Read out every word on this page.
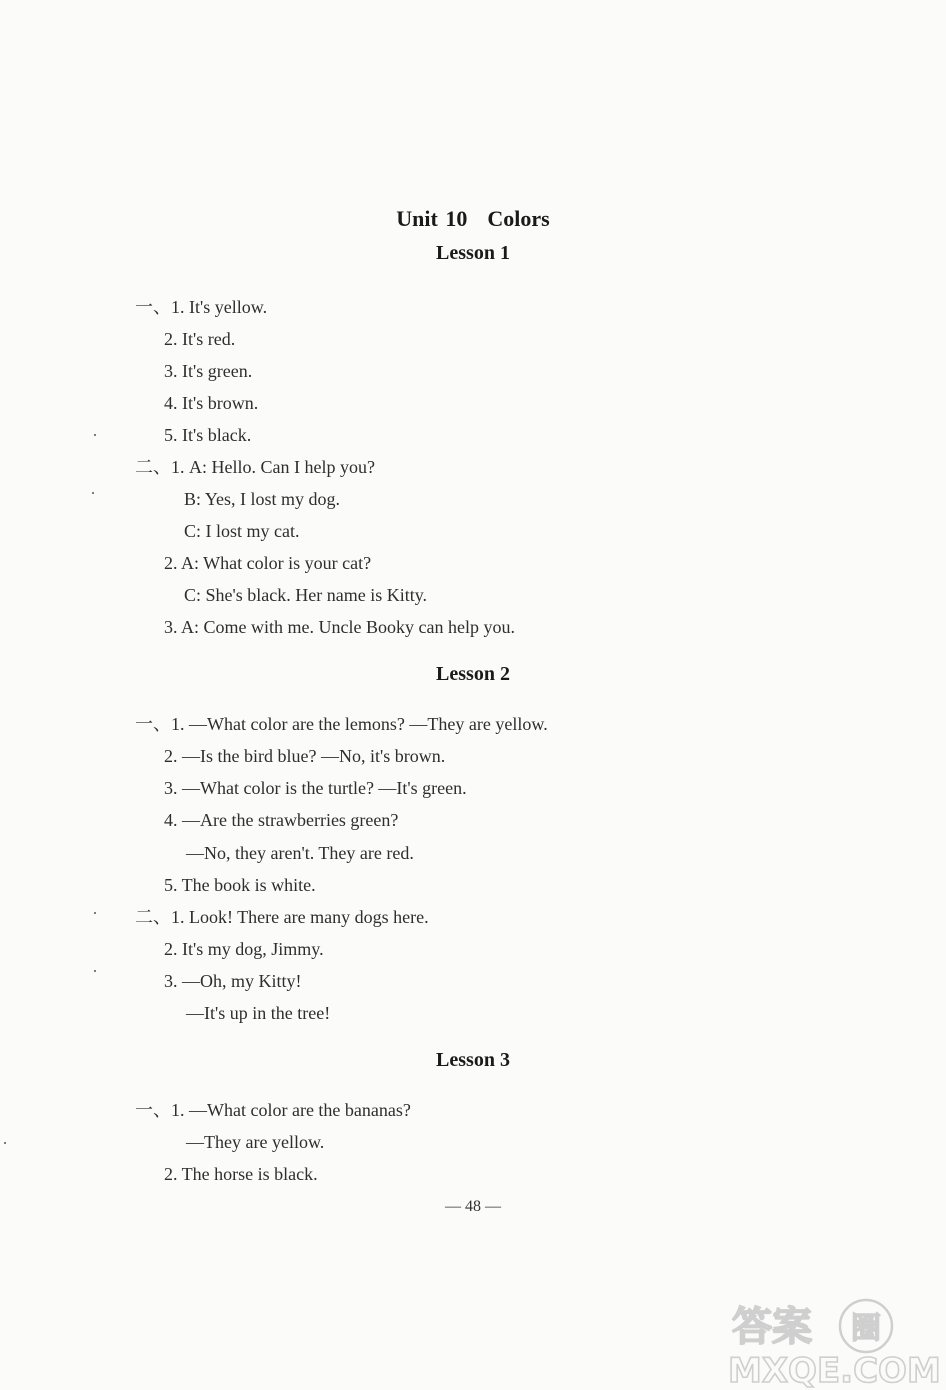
Unit 10 Colors
Lesson 1
一、1. It's yellow.
2. It's red.
3. It's green.
4. It's brown.
5. It's black.
二、1. A: Hello. Can I help you?
B: Yes, I lost my dog.
C: I lost my cat.
2. A: What color is your cat?
C: She's black. Her name is Kitty.
3. A: Come with me. Uncle Booky can help you.
Lesson 2
一、1. —What color are the lemons? —They are yellow.
2. —Is the bird blue? —No, it's brown.
3. —What color is the turtle? —It's green.
4. —Are the strawberries green?
—No, they aren't. They are red.
5. The book is white.
二、1. Look! There are many dogs here.
2. It's my dog, Jimmy.
3. —Oh, my Kitty!
—It's up in the tree!
Lesson 3
一、1. —What color are the bananas?
—They are yellow.
2. The horse is black.
— 48 —
答案 圈
MXQE.COM
